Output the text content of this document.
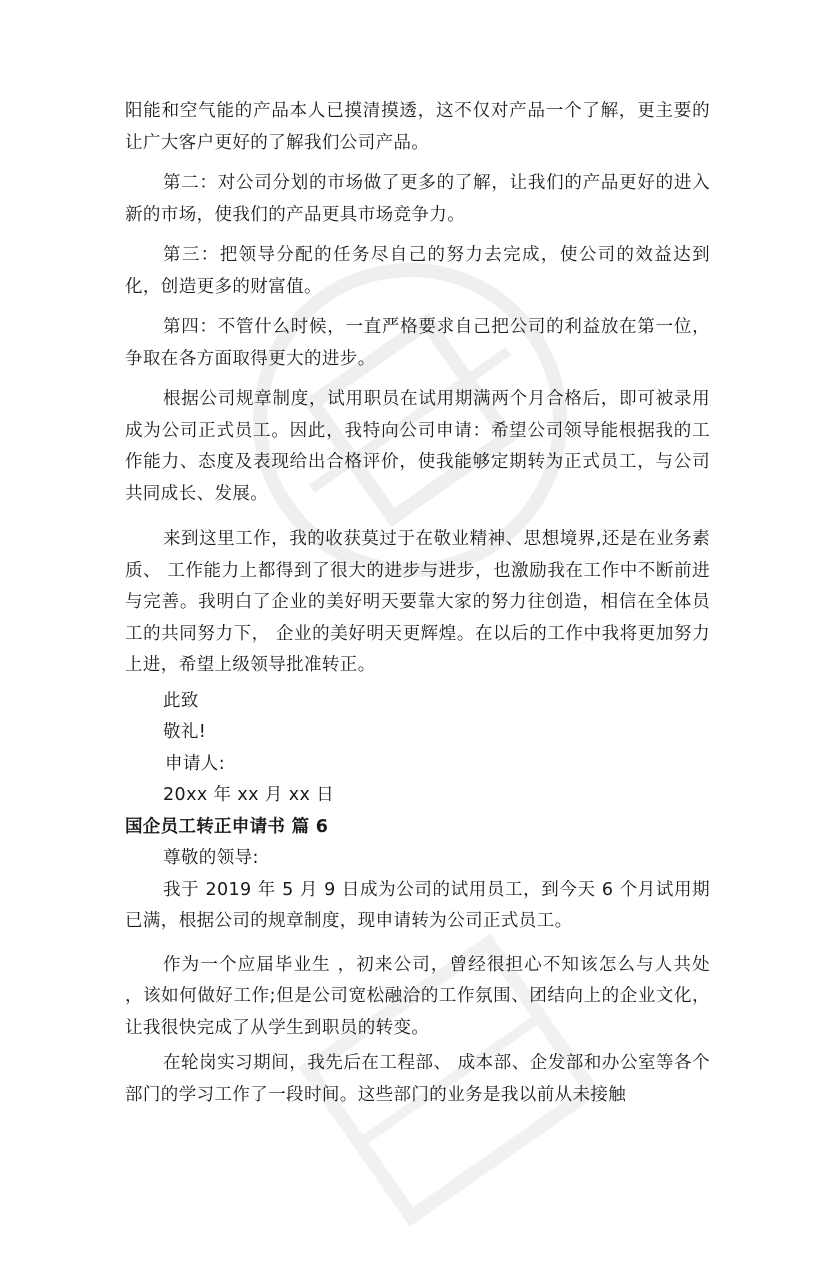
阳能和空气能的产品本人已摸清摸透，这不仅对产品一个了解，更主要的让广大客户更好的了解我们公司产品。

第二：对公司分划的市场做了更多的了解，让我们的产品更好的进入新的市场，使我们的产品更具市场竞争力。

第三：把领导分配的任务尽自己的努力去完成，使公司的效益达到化，创造更多的财富值。

第四：不管什么时候，一直严格要求自己把公司的利益放在第一位，争取在各方面取得更大的进步。

根据公司规章制度，试用职员在试用期满两个月合格后，即可被录用成为公司正式员工。因此，我特向公司申请：希望公司领导能根据我的工作能力、态度及表现给出合格评价，使我能够定期转为正式员工，与公司共同成长、发展。

来到这里工作，我的收获莫过于在敬业精神、思想境界,还是在业务素质、 工作能力上都得到了很大的进步与进步，也激励我在工作中不断前进与完善。我明白了企业的美好明天要靠大家的努力往创造，相信在全体员工的共同努力下， 企业的美好明天更辉煌。在以后的工作中我将更加努力上进，希望上级领导批准转正。

此致

敬礼!

申请人:

20xx 年 xx 月 xx 日

国企员工转正申请书 篇 6

尊敬的领导:

我于 2019 年 5 月 9 日成为公司的试用员工，到今天 6 个月试用期已满，根据公司的规章制度，现申请转为公司正式员工。

作为一个应届毕业生 ，初来公司，曾经很担心不知该怎么与人共处 ，该如何做好工作;但是公司宽松融洽的工作氛围、团结向上的企业文化，让我很快完成了从学生到职员的转变。

在轮岗实习期间，我先后在工程部、 成本部、企发部和办公室等各个部门的学习工作了一段时间。这些部门的业务是我以前从未接触
